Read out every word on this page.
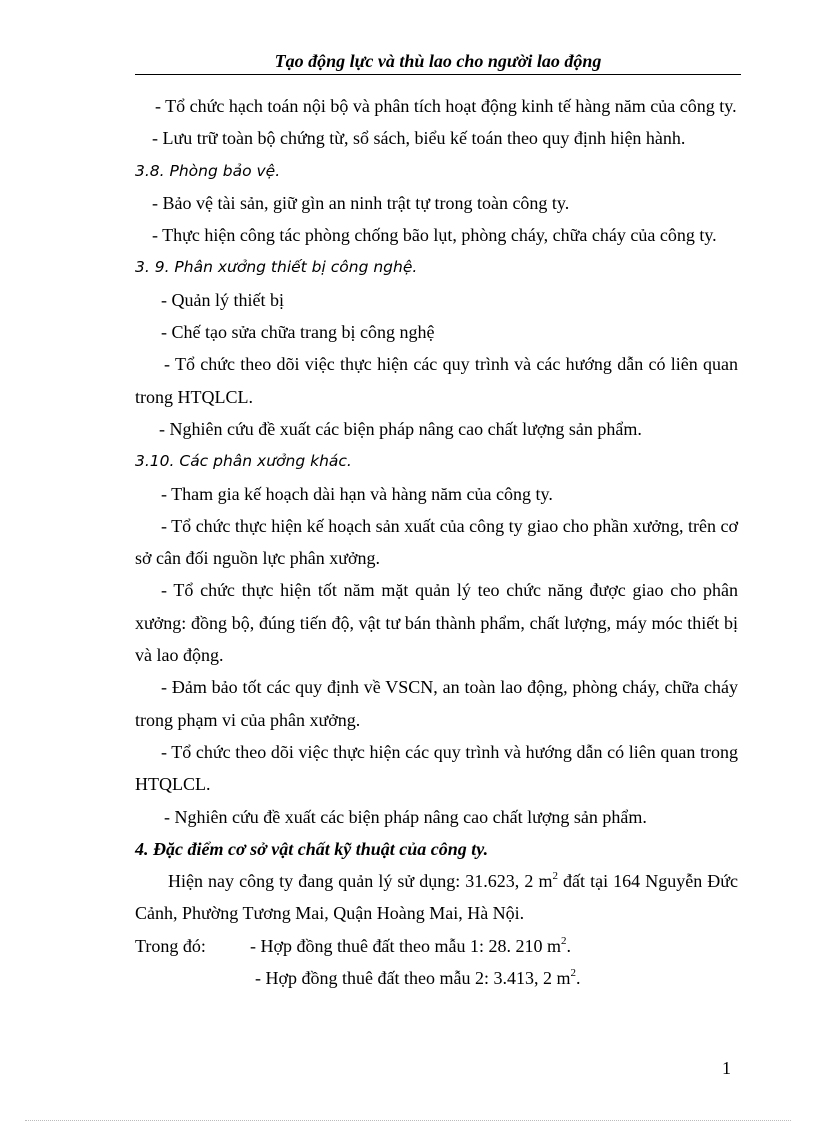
Tạo động lực và thù lao cho người lao động

- Tổ chức hạch toán nội bộ và phân tích hoạt động kinh tế hàng năm của công ty.

- Lưu trữ toàn bộ chứng từ, sổ sách, biểu kế toán theo quy định hiện hành.

3.8. Phòng bảo vệ.

- Bảo vệ tài sản, giữ gìn an ninh trật tự trong toàn công ty.

- Thực hiện công tác phòng chống bão lụt, phòng cháy, chữa cháy của công ty.

3. 9. Phân xưởng thiết bị công nghệ.

- Quản lý thiết bị

- Chế tạo sửa chữa trang bị công nghệ

- Tổ chức theo dõi việc thực hiện các quy trình và các hướng dẫn có liên quan trong HTQLCL.

- Nghiên cứu đề xuất các biện pháp nâng cao chất lượng sản phẩm.

3.10. Các phân xưởng khác.

- Tham gia kế hoạch dài hạn và hàng năm của công ty.

- Tổ chức thực hiện kế hoạch sản xuất của công ty giao cho phần xưởng, trên cơ sở cân đối nguồn lực phân xưởng.

- Tổ chức thực hiện tốt năm mặt quản lý teo chức năng được giao cho phân xưởng: đồng bộ, đúng tiến độ, vật tư bán thành phẩm, chất lượng, máy móc thiết bị và lao động.

- Đảm bảo tốt các quy định về VSCN, an toàn lao động, phòng cháy, chữa cháy trong phạm vi của phân xưởng.

- Tổ chức theo dõi việc thực hiện các quy trình và hướng dẫn có liên quan trong HTQLCL.

- Nghiên cứu đề xuất các biện pháp nâng cao chất lượng sản phẩm.

4. Đặc điểm cơ sở vật chất kỹ thuật của công ty.

Hiện nay công ty đang quản lý sử dụng: 31.623, 2 $m^2$ đất tại 164 Nguyễn Đức Cảnh, Phường Tương Mai, Quận Hoàng Mai, Hà Nội.

Trong đó:	- Hợp đồng thuê đất theo mẫu 1: 28. 210 $m^2$.

- Hợp đồng thuê đất theo mẫu 2: 3.413, 2 $m^2$.

1
